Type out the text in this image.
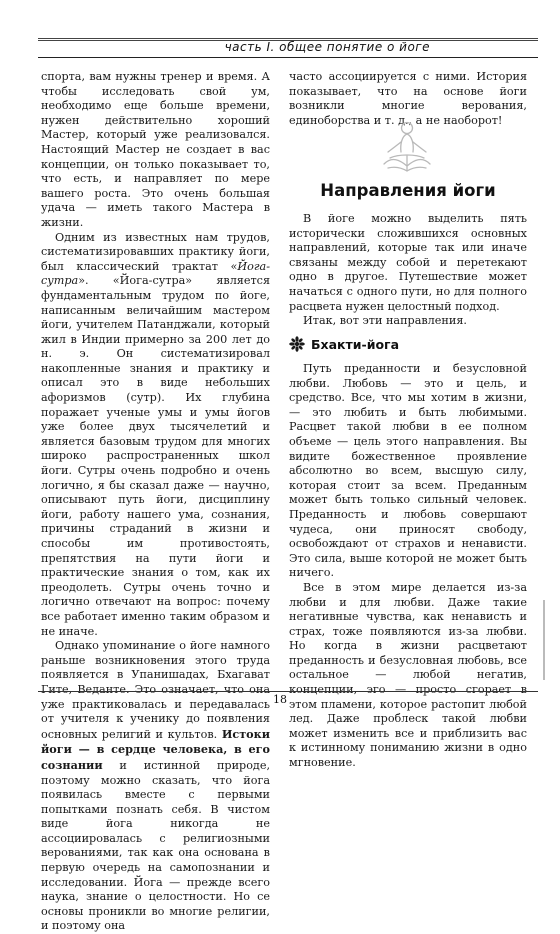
часть I. общее понятие о йоге

спорта, вам нужны тренер и время. А чтобы исследовать свой ум, необходимо еще больше времени, нужен действительно хороший Мастер, который уже реализовался. Настоящий Мастер не создает в вас концепции, он только показывает то, что есть, и направляет по мере вашего роста. Это очень большая удача — иметь такого Мастера в жизни.

Одним из известных нам трудов, систематизировавших практику йоги, был классический трактат «Йога-сутра». «Йога-сутра» является фундаментальным трудом по йоге, написанным величайшим мастером йоги, учителем Патанджали, который жил в Индии примерно за 200 лет до н. э. Он систематизировал накопленные знания и практику и описал это в виде небольших афоризмов (сутр). Их глубина поражает ученые умы и умы йогов уже более двух тысячелетий и является базовым трудом для многих широко распространенных школ йоги. Сутры очень подробно и очень логично, я бы сказал даже — научно, описывают путь йоги, дисциплину йоги, работу нашего ума, сознания, причины страданий в жизни и способы им противостоять, препятствия на пути йоги и практические знания о том, как их преодолеть. Сутры очень точно и логично отвечают на вопрос: почему все работает именно таким образом и не иначе.

Однако упоминание о йоге намного раньше возникновения этого труда появляется в Упанишадах, Бхагават Гите, Веданте. Это означает, что она уже практиковалась и передавалась от учителя к ученику до появления основных религий и культов. Истоки йоги — в сердце человека, в его сознании и истинной природе, поэтому можно сказать, что йога появилась вместе с первыми попытками познать себя. В чистом виде йога никогда не ассоциировалась с религиозными верованиями, так как она основана в первую очередь на самопознании и исследовании. Йога — прежде всего наука, знание о целостности. Но се основы проникли во многие религии, и поэтому она

часто ассоциируется с ними. История показывает, что на основе йоги возникли многие верования, единоборства и т. д., а не наоборот!

Направления йоги

В йоге можно выделить пять исторически сложившихся основных направлений, которые так или иначе связаны между собой и перетекают одно в другое. Путешествие может начаться с одного пути, но для полного расцвета нужен целостный подход.

Итак, вот эти направления.

Бхакти-йога

Путь преданности и безусловной любви. Любовь — это и цель, и средство. Все, что мы хотим в жизни, — это любить и быть любимыми. Расцвет такой любви в ее полном объеме — цель этого направления. Вы видите божественное проявление абсолютно во всем, высшую силу, которая стоит за всем. Преданным может быть только сильный человек. Преданность и любовь совершают чудеса, они приносят свободу, освобождают от страхов и ненависти. Это сила, выше которой не может быть ничего.

Все в этом мире делается из-за любви и для любви. Даже такие негативные чувства, как ненависть и страх, тоже появляются из-за любви. Но когда в жизни расцветают преданность и безусловная любовь, все остальное — любой негатив, концепции, эго — просто сгорает в этом пламени, которое растопит любой лед. Даже проблеск такой любви может изменить все и приблизить вас к истинному пониманию жизни в одно мгновение.

18
